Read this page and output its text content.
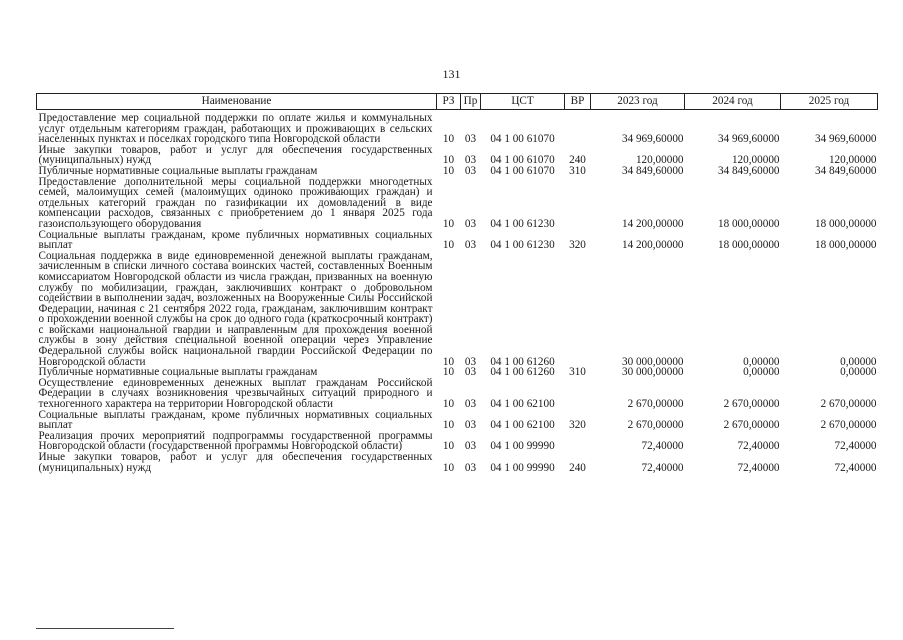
131
Наименование	РЗ	Пр	ЦСТ	ВР	2023 год	2024 год	2025 год
Предоставление мер социальной поддержки по оплате жилья и коммунальных услуг отдельным категориям граждан, работающих и проживающих в сельских населенных пунктах и поселках городского типа Новгородской области	10	03	04 1 00 61070		34 969,60000	34 969,60000	34 969,60000
Иные закупки товаров, работ и услуг для обеспечения государственных (муниципальных) нужд	10	03	04 1 00 61070	240	120,00000	120,00000	120,00000
Публичные нормативные социальные выплаты гражданам	10	03	04 1 00 61070	310	34 849,60000	34 849,60000	34 849,60000
Предоставление дополнительной меры социальной поддержки многодетных семей, малоимущих семей (малоимущих одиноко проживающих граждан) и отдельных категорий граждан по газификации их домовладений в виде компенсации расходов, связанных с приобретением до 1 января 2025 года газоиспользующего оборудования	10	03	04 1 00 61230		14 200,00000	18 000,00000	18 000,00000
Социальные выплаты гражданам, кроме публичных нормативных социальных выплат	10	03	04 1 00 61230	320	14 200,00000	18 000,00000	18 000,00000
Социальная поддержка в виде единовременной денежной выплаты гражданам, зачисленным в списки личного состава воинских частей, составленных Военным комиссариатом Новгородской области из числа граждан, призванных на военную службу по мобилизации, граждан, заключивших контракт о добровольном содействии в выполнении задач, возложенных на Вооруженные Силы Российской Федерации, начиная с 21 сентября 2022 года, гражданам, заключившим контракт о прохождении военной службы на срок до одного года (краткосрочный контракт) с войсками национальной гвардии и направленным для прохождения военной службы в зону действия специальной военной операции через Управление Федеральной службы войск национальной гвардии Российской Федерации по Новгородской области	10	03	04 1 00 61260		30 000,00000	0,00000	0,00000
Публичные нормативные социальные выплаты гражданам	10	03	04 1 00 61260	310	30 000,00000	0,00000	0,00000
Осуществление единовременных денежных выплат гражданам Российской Федерации в случаях возникновения чрезвычайных ситуаций природного и техногенного характера на территории Новгородской области	10	03	04 1 00 62100		2 670,00000	2 670,00000	2 670,00000
Социальные выплаты гражданам, кроме публичных нормативных социальных выплат	10	03	04 1 00 62100	320	2 670,00000	2 670,00000	2 670,00000
Реализация прочих мероприятий подпрограммы государственной программы Новгородской области (государственной программы Новгородской области)	10	03	04 1 00 99990		72,40000	72,40000	72,40000
Иные закупки товаров, работ и услуг для обеспечения государственных (муниципальных) нужд	10	03	04 1 00 99990	240	72,40000	72,40000	72,40000
